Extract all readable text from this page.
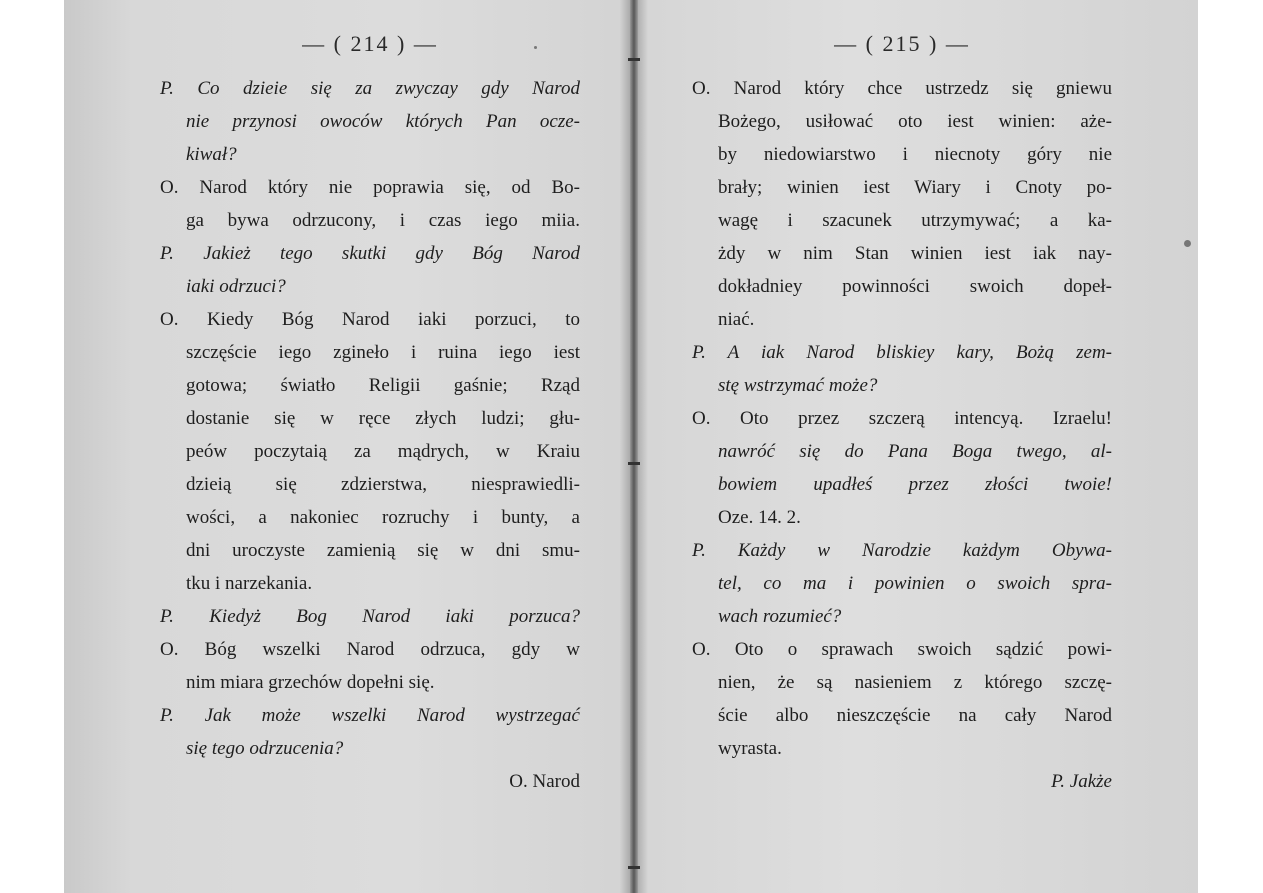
— ( 214 ) —
P. Co dzieie się za zwyczay gdy Narod
nie przynosi owoców których Pan ocze-
kiwał?
O. Narod który nie poprawia się, od Bo-
ga bywa odrzucony, i czas iego miia.
P. Jakież tego skutki gdy Bóg Narod
iaki odrzuci?
O. Kiedy Bóg Narod iaki porzuci, to
szczęście iego zgineło i ruina iego iest
gotowa; światło Religii gaśnie; Rząd
dostanie się w ręce złych ludzi; głu-
peów poczytaią za mądrych, w Kraiu
dzieią się zdzierstwa, niesprawiedli-
wości, a nakoniec rozruchy i bunty, a
dni uroczyste zamienią się w dni smu-
tku i narzekania.
P. Kiedyż Bog Narod iaki porzuca?
O. Bóg wszelki Narod odrzuca, gdy w
nim miara grzechów dopełni się.
P. Jak może wszelki Narod wystrzegać
się tego odrzucenia?
O. Narod
— ( 215 ) —
O. Narod który chce ustrzedz się gniewu
Bożego, usiłować oto iest winien: aże-
by niedowiarstwo i niecnoty góry nie
brały; winien iest Wiary i Cnoty po-
wagę i szacunek utrzymywać; a ka-
żdy w nim Stan winien iest iak nay-
dokładniey powinności swoich dopeł-
niać.
P. A iak Narod bliskiey kary, Bożą zem-
stę wstrzymać może?
O. Oto przez szczerą intencyą. Izraelu!
nawróć się do Pana Boga twego, al-
bowiem upadłeś przez złości twoie!
Oze. 14. 2.
P. Każdy w Narodzie każdym Obywa-
tel, co ma i powinien o swoich spra-
wach rozumieć?
O. Oto o sprawach swoich sądzić powi-
nien, że są nasieniem z którego szczę-
ście albo nieszczęście na cały Narod
wyrasta.
P. Jakże
